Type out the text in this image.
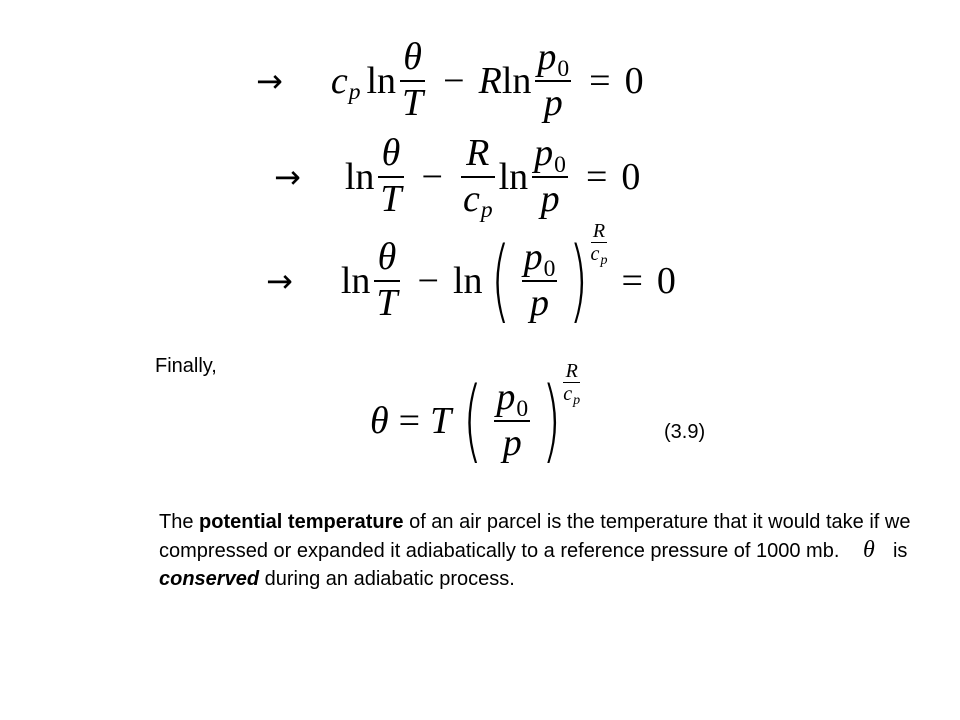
→ cp $\ln \frac{\theta}{T} - R$ $\ln \frac{p0}{p} = 0$
→ $\ln \frac{\theta}{T} - \frac{R}{cp}$ $\ln \frac{p0}{p} = 0$
→ $\ln \frac{\theta}{T} - \ln$ ( $\frac{p0}{p}$ ) R
cp = 0
Finally,
θ = T ( $\frac{p0}{p}$ ) R
cp
(3.9)
The potential temperature of an air parcel is the temperature that it would take if we compressed or expanded it adiabatically to a reference pressure of 1000 mb. θ is conserved during an adiabatic process.
